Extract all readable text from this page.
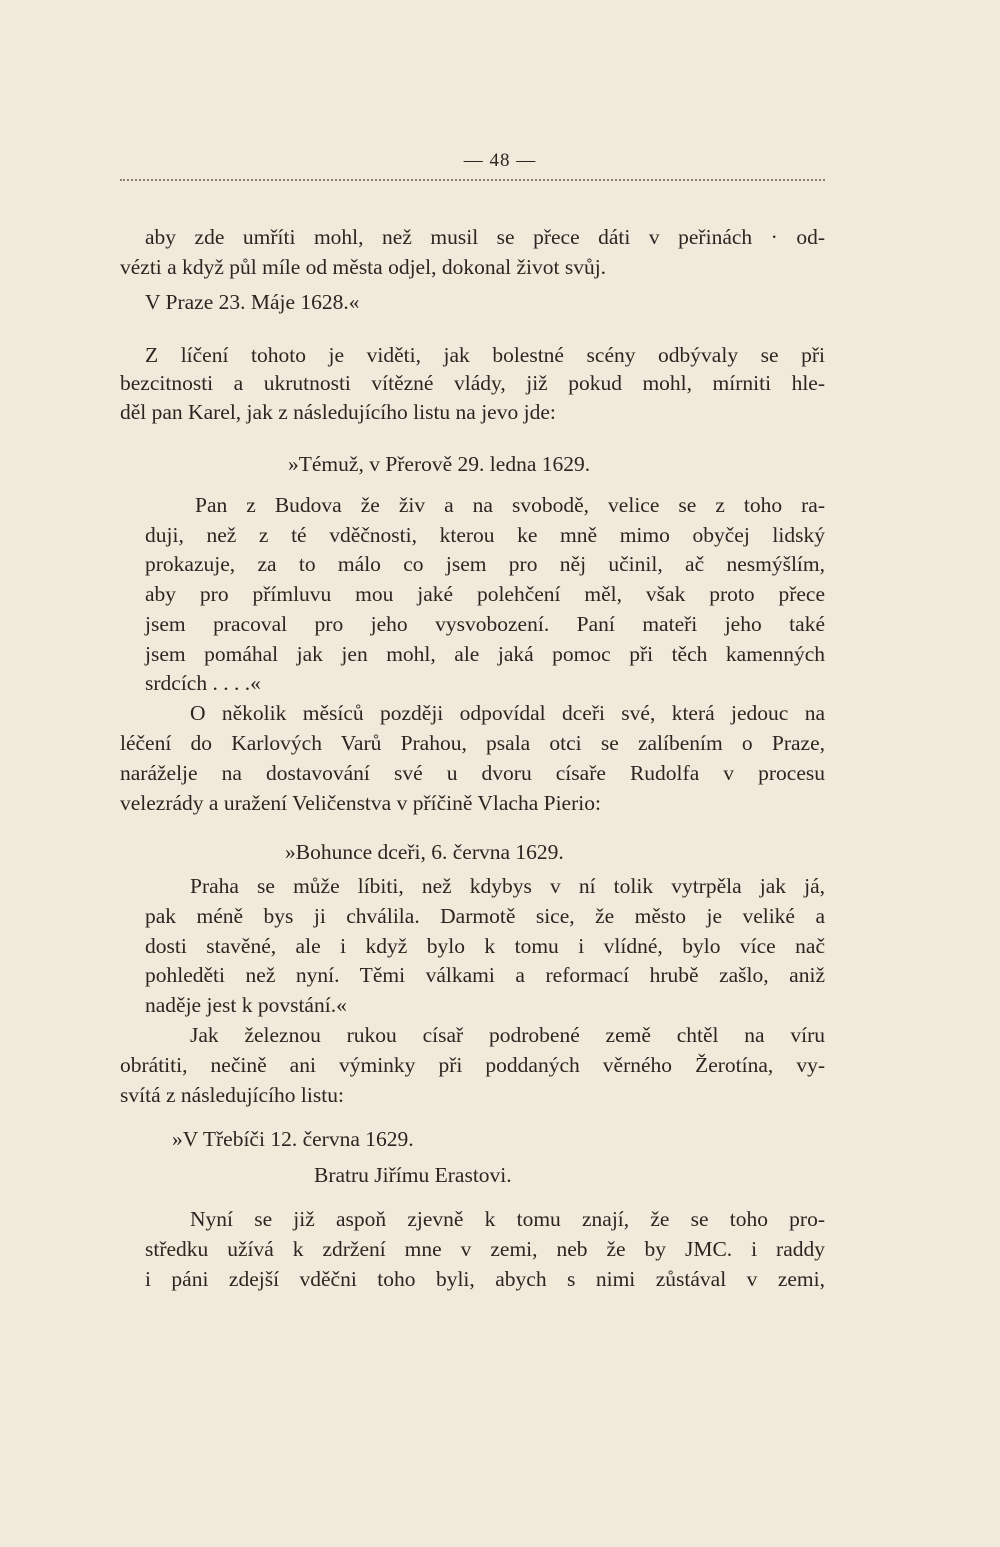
— 48 —
aby zde umříti mohl, než musil se přece dáti v peřinách · od-
vézti a když půl míle od města odjel, dokonal život svůj.
V Praze 23. Máje 1628.«
Z líčení tohoto je viděti, jak bolestné scény odbývaly se při
bezcitnosti a ukrutnosti vítězné vlády, již pokud mohl, mírniti hle-
děl pan Karel, jak z následujícího listu na jevo jde:
»Témuž, v Přerově 29. ledna 1629.
Pan z Budova že živ a na svobodě, velice se z toho ra-
duji, než z té vděčnosti, kterou ke mně mimo obyčej lidský
prokazuje, za to málo co jsem pro něj učinil, ač nesmýšlím,
aby pro přímluvu mou jaké polehčení měl, však proto přece
jsem pracoval pro jeho vysvobození. Paní mateři jeho také
jsem pomáhal jak jen mohl, ale jaká pomoc při těch kamenných
srdcích . . . .«
O několik měsíců později odpovídal dceři své, která jedouc na
léčení do Karlových Varů Prahou, psala otci se zalíbením o Praze,
naráželje na dostavování své u dvoru císaře Rudolfa v procesu
velezrády a uražení Veličenstva v příčině Vlacha Pierio:
»Bohunce dceři, 6. června 1629.
Praha se může líbiti, než kdybys v ní tolik vytrpěla jak já,
pak méně bys ji chválila. Darmotě sice, že město je veliké a
dosti stavěné, ale i když bylo k tomu i vlídné, bylo více nač
pohleděti než nyní. Těmi válkami a reformací hrubě zašlo, aniž
naděje jest k povstání.«
Jak železnou rukou císař podrobené země chtěl na víru
obrátiti, nečině ani výminky při poddaných věrného Žerotína, vy-
svítá z následujícího listu:
»V Třebíči 12. června 1629.
Bratru Jiřímu Erastovi.
Nyní se již aspoň zjevně k tomu znají, že se toho pro-
středku užívá k zdržení mne v zemi, neb že by JMC. i raddy
i páni zdejší vděčni toho byli, abych s nimi zůstával v zemi,
